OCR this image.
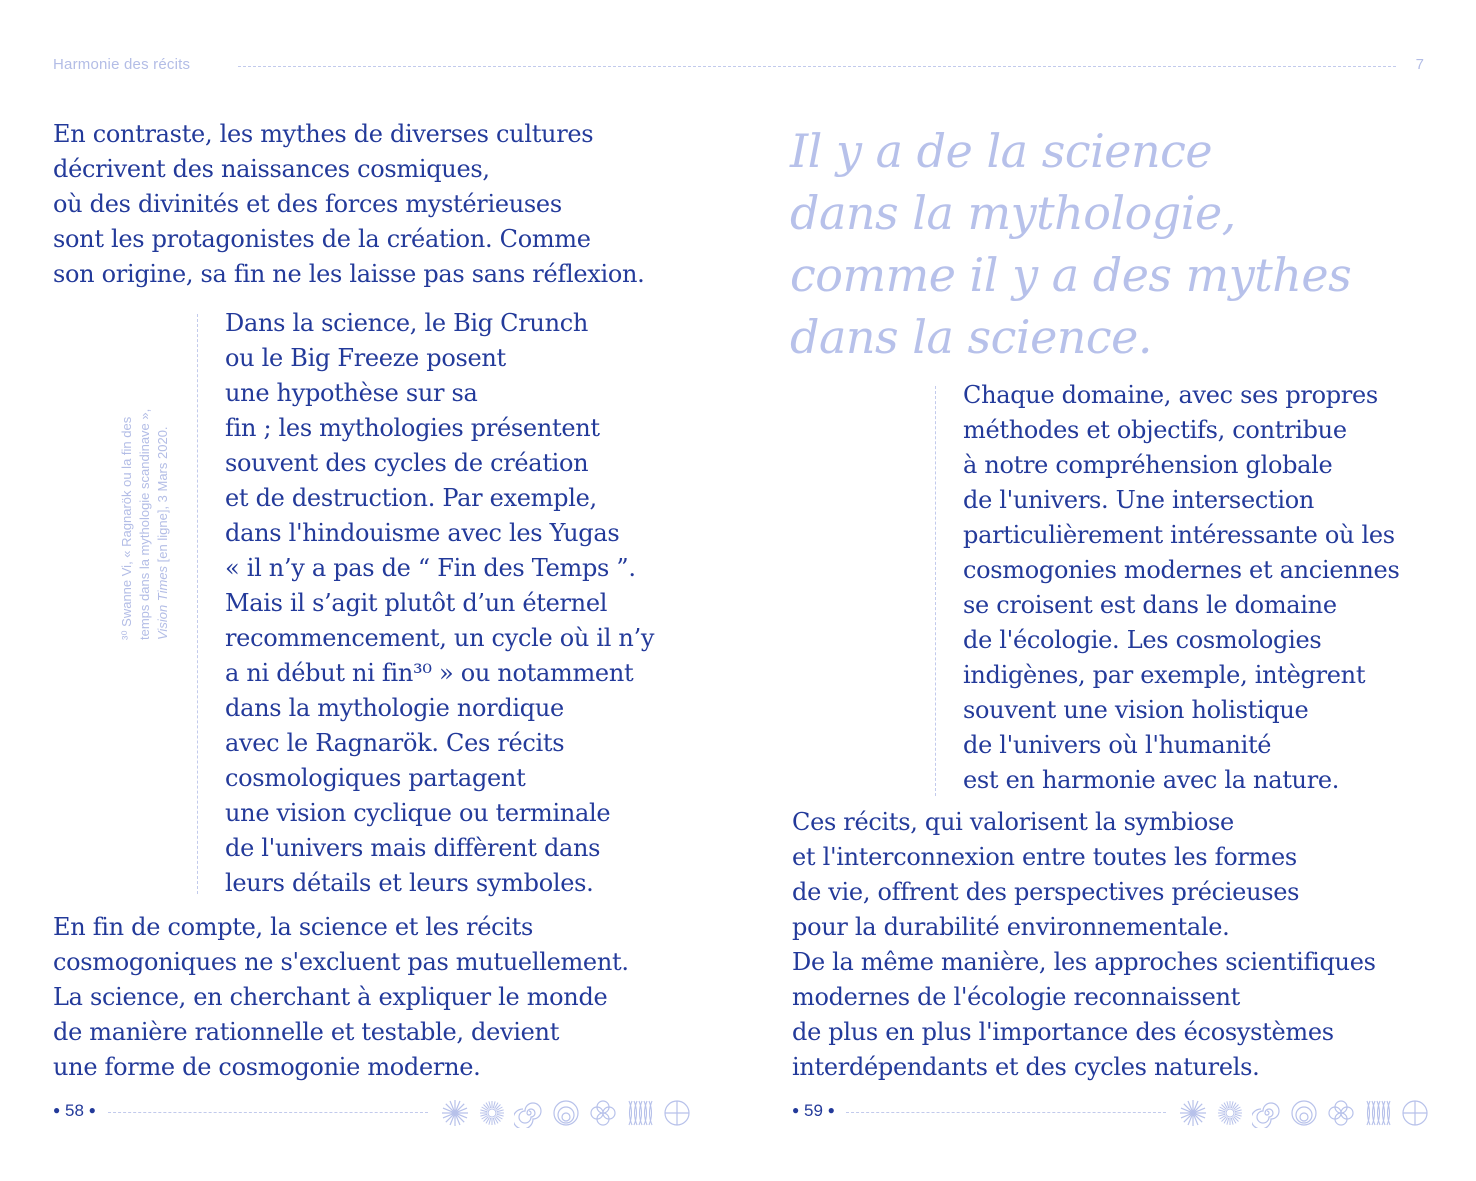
Harmonie des récits	7
En contraste, les mythes de diverses cultures
décrivent des naissances cosmiques,
où des divinités et des forces mystérieuses
sont les protagonistes de la création. Comme
son origine, sa fin ne les laisse pas sans réflexion.
³⁰ Swanne Vi, « Ragnarök ou la fin des temps dans la mythologie scandinave », Vision Times [en ligne], 3 Mars 2020.
Dans la science, le Big Crunch
ou le Big Freeze posent
une hypothèse sur sa
fin ; les mythologies présentent
souvent des cycles de création
et de destruction. Par exemple,
dans l'hindouisme avec les Yugas
« il n’y a pas de “ Fin des Temps ”.
Mais il s’agit plutôt d’un éternel
recommencement, un cycle où il n’y
a ni début ni fin³⁰ » ou notamment
dans la mythologie nordique
avec le Ragnarök. Ces récits
cosmologiques partagent
une vision cyclique ou terminale
de l'univers mais diffèrent dans
leurs détails et leurs symboles.
En fin de compte, la science et les récits
cosmogoniques ne s'excluent pas mutuellement.
La science, en cherchant à expliquer le monde
de manière rationnelle et testable, devient
une forme de cosmogonie moderne.
● 58 ●
Il y a de la science
dans la mythologie,
comme il y a des mythes
dans la science.
Chaque domaine, avec ses propres
méthodes et objectifs, contribue
à notre compréhension globale
de l'univers. Une intersection
particulièrement intéressante où les
cosmogonies modernes et anciennes
se croisent est dans le domaine
de l'écologie. Les cosmologies
indigènes, par exemple, intègrent
souvent une vision holistique
de l'univers où l'humanité
est en harmonie avec la nature.
Ces récits, qui valorisent la symbiose
et l'interconnexion entre toutes les formes
de vie, offrent des perspectives précieuses
pour la durabilité environnementale.
De la même manière, les approches scientifiques
modernes de l'écologie reconnaissent
de plus en plus l'importance des écosystèmes
interdépendants et des cycles naturels.
● 59 ●
